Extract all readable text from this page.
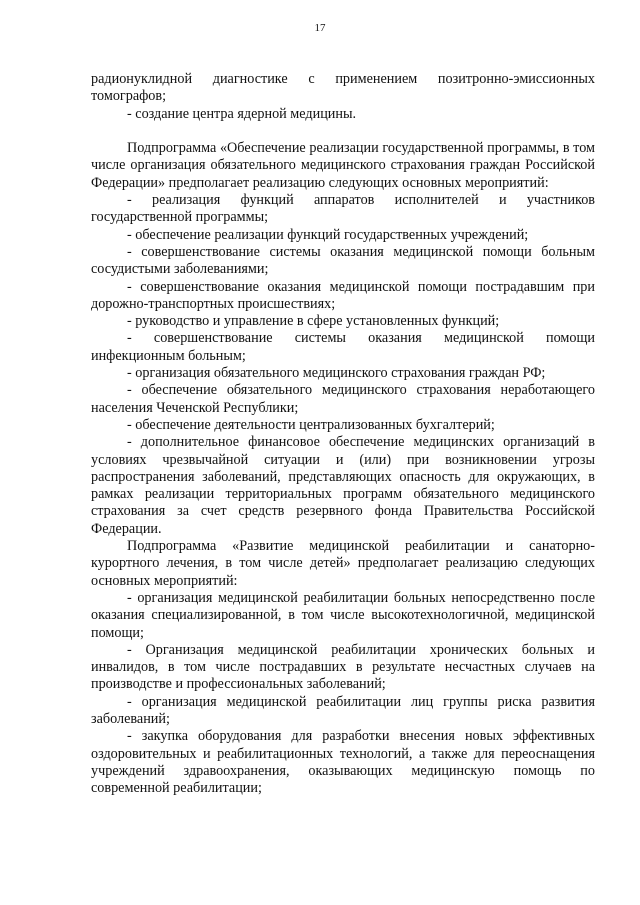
17

радионуклидной диагностике с применением позитронно-эмиссионных томографов;

- создание центра ядерной медицины.

Подпрограмма «Обеспечение реализации государственной программы, в том числе организация обязательного медицинского страхования граждан Российской Федерации» предполагает реализацию следующих основных мероприятий:

- реализация функций аппаратов исполнителей и участников государственной программы;

- обеспечение реализации функций государственных учреждений;

- совершенствование системы оказания медицинской помощи больным сосудистыми заболеваниями;

- совершенствование оказания медицинской помощи пострадавшим при дорожно-транспортных происшествиях;

- руководство и управление в сфере установленных функций;

- совершенствование системы оказания медицинской помощи инфекционным больным;

- организация обязательного медицинского страхования граждан РФ;

- обеспечение обязательного медицинского страхования неработающего населения Чеченской Республики;

- обеспечение деятельности централизованных бухгалтерий;

- дополнительное финансовое обеспечение медицинских организаций в условиях чрезвычайной ситуации и (или) при возникновении угрозы распространения заболеваний, представляющих опасность для окружающих, в рамках реализации территориальных программ обязательного медицинского страхования за счет средств резервного фонда Правительства Российской Федерации.

Подпрограмма «Развитие медицинской реабилитации и санаторно-курортного лечения, в том числе детей» предполагает реализацию следующих основных мероприятий:

- организация медицинской реабилитации больных непосредственно после оказания специализированной, в том числе высокотехнологичной, медицинской помощи;

- Организация медицинской реабилитации хронических больных и инвалидов, в том числе пострадавших в результате несчастных случаев на производстве и профессиональных заболеваний;

- организация медицинской реабилитации лиц группы риска развития заболеваний;

- закупка оборудования для разработки внесения новых эффективных оздоровительных и реабилитационных технологий, а также для переоснащения учреждений здравоохранения, оказывающих медицинскую помощь по современной реабилитации;
